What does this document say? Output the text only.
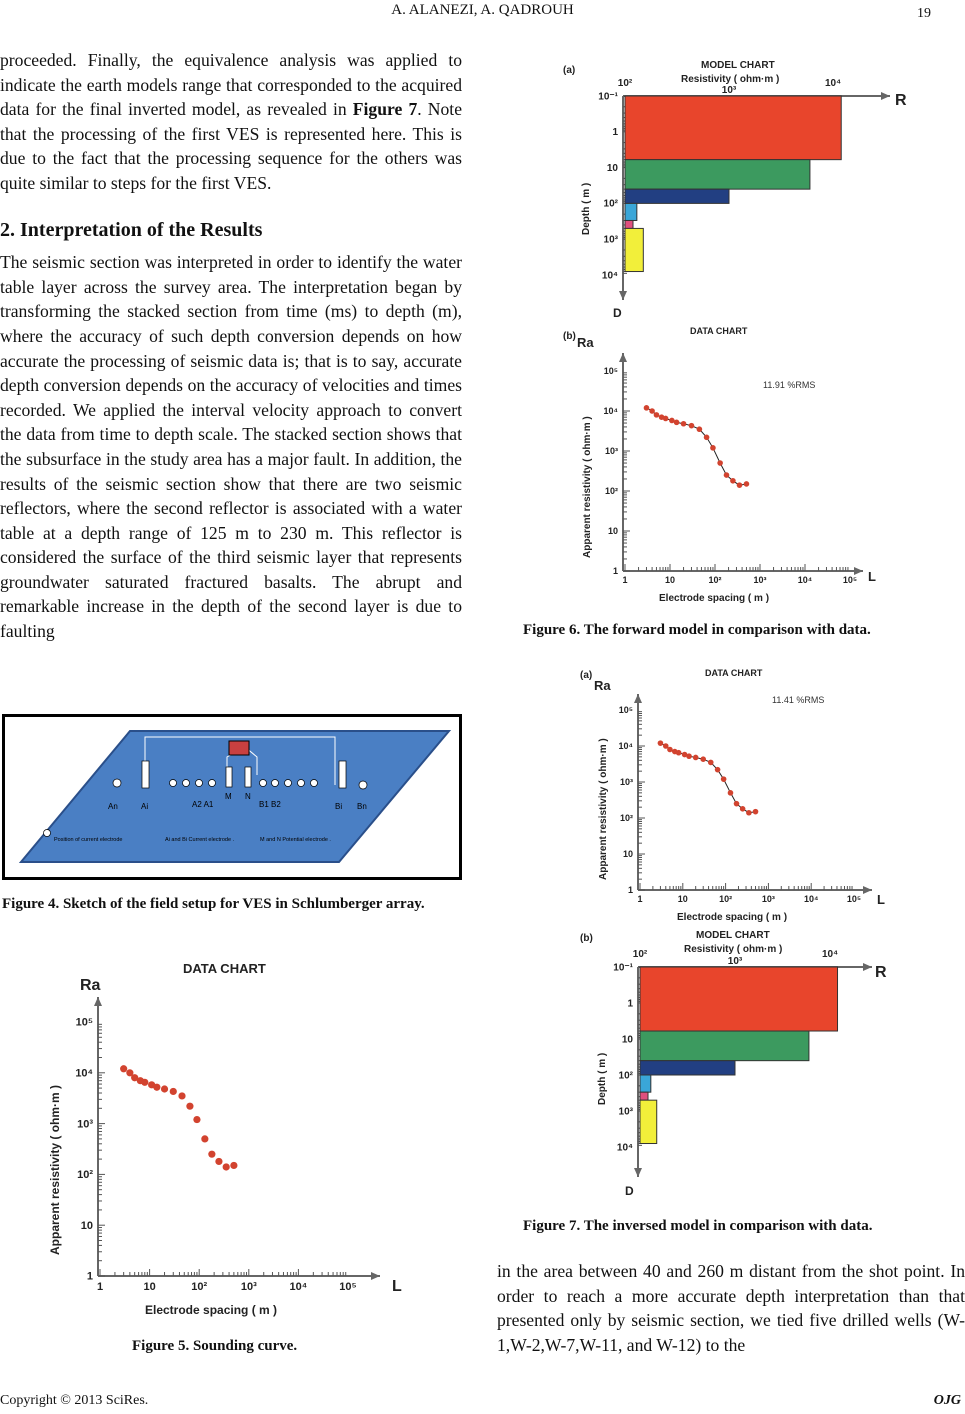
A. ALANEZI, A. QADROUH	19

proceeded. Finally, the equivalence analysis was applied to indicate the earth models range that corresponded to the acquired data for the final inverted model, as revealed in Figure 7. Note that the processing of the first VES is represented here. This is due to the fact that the processing sequence for the others was quite similar to steps for the first VES.

2. Interpretation of the Results

The seismic section was interpreted in order to identify the water table layer across the survey area. The interpretation began by transforming the stacked section from time (ms) to depth (m), where the accuracy of such depth conversion depends on how accurate the processing of seismic data is; that is to say, accurate depth conversion depends on the accuracy of velocities and times recorded. We applied the interval velocity approach to convert the data from time to depth scale. The stacked section shows that the subsurface in the study area has a major fault. In addition, the results of the seismic section show that there are two seismic reflectors, where the second reflector is associated with a water table at a depth range of 125 m to 230 m. This reflector is considered the surface of the third seismic layer that represents groundwater saturated fractured basalts. The abrupt and remarkable increase in the depth of the second layer is due to faulting

An	Ai	A2 A1
M N
B1 B2	Bi Bn
Position of current electrode	Ai and Bi Current electrode .	M and N Potential electrode .
Figure 4. Sketch of the field setup for VES in Schlumberger array.
DATA CHART
Ra
L
Apparent resistivity ( ohm·m )
Electrode spacing ( m )
1	10	10²	10³	10⁴	10⁵
1
10
10²
10³
10⁴
10⁵
Figure 5. Sounding curve.
(a)	MODEL CHART
Resistivity ( ohm·m )
R
D
Depth ( m )
10²
10³
10⁴
10⁻¹
1
10
10²
10³
10⁴
(b)	DATA CHART
11.91 %RMS
Ra
L
Apparent resistivity ( ohm·m )
Electrode spacing ( m )
1	10	10²	10³	10⁴	10⁵
1
10
10²
10³
10⁴
10⁵
Figure 6. The forward model in comparison with data.
(a)	DATA CHART
11.41 %RMS
Ra
L
Apparent resistivity ( ohm·m )
Electrode spacing ( m )
1	10	10²	10³	10⁴	10⁵
1
10
10²
10³
10⁴
10⁵
(b)	MODEL CHART
Resistivity ( ohm·m )
R
D
Depth ( m )
10²
10³
10⁴
10⁻¹
1
10
10²
10³
10⁴
Figure 7. The inversed model in comparison with data.

in the area between 40 and 260 m distant from the shot point. In order to reach a more accurate depth interpretation than that presented only by seismic section, we tied five drilled wells (W-1,W-2,W-7,W-11, and W-12) to the

Copyright © 2013 SciRes.	OJG
